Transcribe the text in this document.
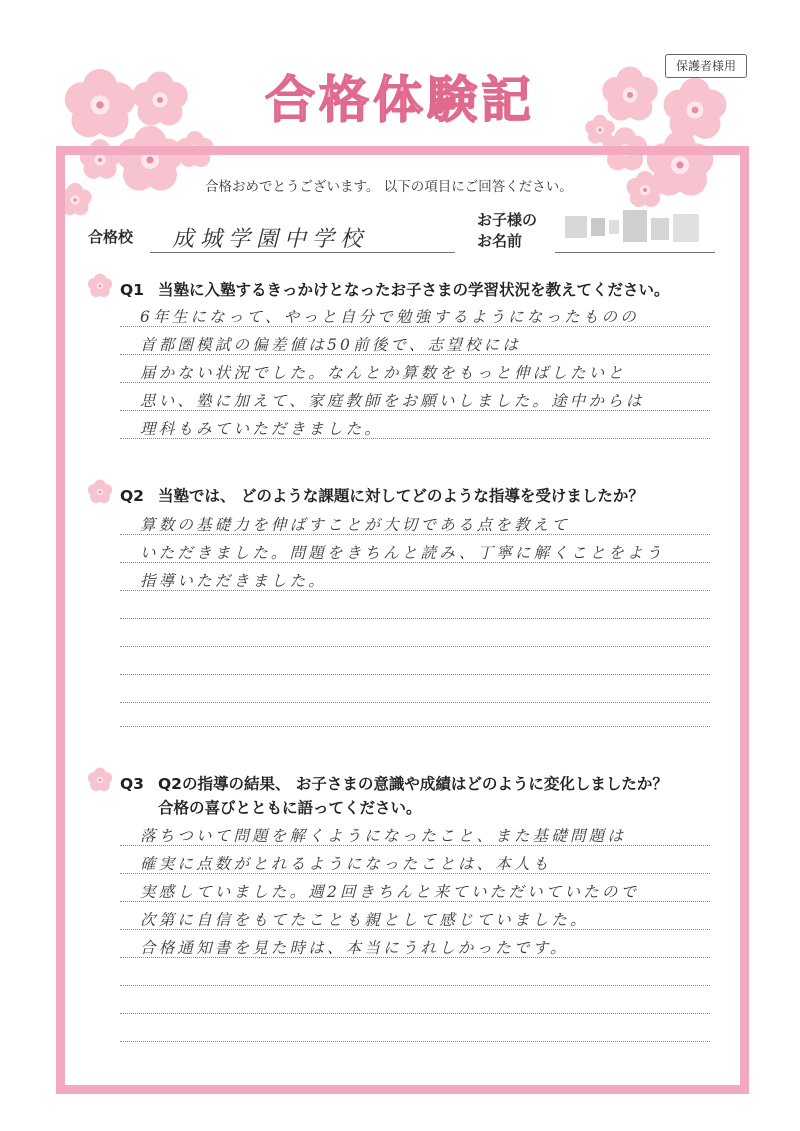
保護者様用
合格体験記
合格おめでとうございます。 以下の項目にご回答ください。
合格校 成城学園中学校
お子様の
お名前
Q1 当塾に入塾するきっかけとなったお子さまの学習状況を教えてください。
6年生になって、やっと自分で勉強するようになったものの
首都圏模試の偏差値は50前後で、志望校には
届かない状況でした。なんとか算数をもっと伸ばしたいと
思い、塾に加えて、家庭教師をお願いしました。途中からは
理科もみていただきました。
Q2 当塾では、 どのような課題に対してどのような指導を受けましたか？
算数の基礎力を伸ばすことが大切である点を教えて
いただきました。問題をきちんと読み、丁寧に解くことをよう
指導いただきました。
Q3 Q2の指導の結果、 お子さまの意識や成績はどのように変化しましたか？
合格の喜びとともに語ってください。
落ちついて問題を解くようになったこと、また基礎問題は
確実に点数がとれるようになったことは、本人も
実感していました。週2回きちんと来ていただいていたので
次第に自信をもてたことも親として感じていました。
合格通知書を見た時は、本当にうれしかったです。
